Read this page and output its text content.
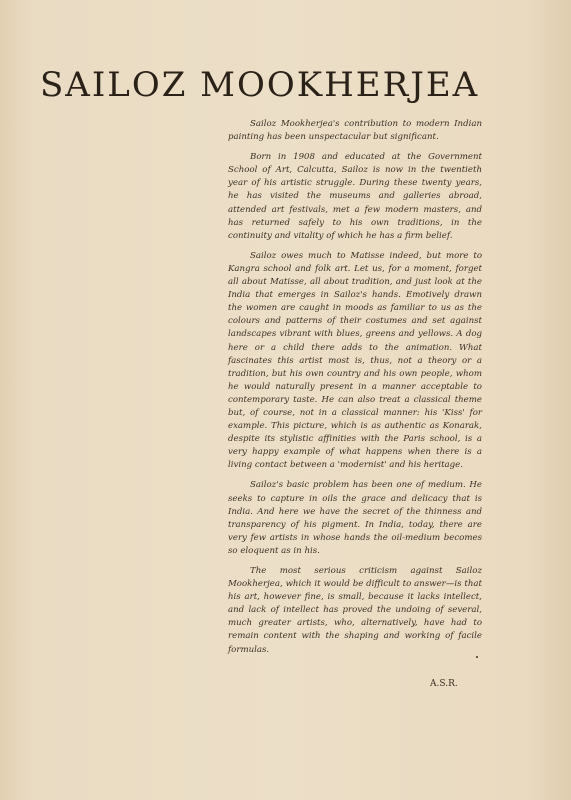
SAILOZ MOOKHERJEA

Sailoz Mookherjea's contribution to modern Indian painting has been unspectacular but significant.

Born in 1908 and educated at the Government School of Art, Calcutta, Sailoz is now in the twentieth year of his artistic struggle. During these twenty years, he has visited the museums and galleries abroad, attended art festivals, met a few modern masters, and has returned safely to his own traditions, in the continuity and vitality of which he has a firm belief.

Sailoz owes much to Matisse indeed, but more to Kangra school and folk art. Let us, for a moment, forget all about Matisse, all about tradition, and just look at the India that emerges in Sailoz's hands. Emotively drawn the women are caught in moods as familiar to us as the colours and patterns of their costumes and set against landscapes vibrant with blues, greens and yellows. A dog here or a child there adds to the animation. What fascinates this artist most is, thus, not a theory or a tradition, but his own country and his own people, whom he would naturally present in a manner acceptable to contemporary taste. He can also treat a classical theme but, of course, not in a classical manner: his 'Kiss' for example. This picture, which is as authentic as Konarak, despite its stylistic affinities with the Paris school, is a very happy example of what happens when there is a living contact between a 'modernist' and his heritage.

Sailoz's basic problem has been one of medium. He seeks to capture in oils the grace and delicacy that is India. And here we have the secret of the thinness and transparency of his pigment. In India, today, there are very few artists in whose hands the oil-medium becomes so eloquent as in his.

The most serious criticism against Sailoz Mookherjea, which it would be difficult to answer—is that his art, however fine, is small, because it lacks intellect, and lack of intellect has proved the undoing of several, much greater artists, who, alternatively, have had to remain content with the shaping and working of facile formulas.

A.S.R.
